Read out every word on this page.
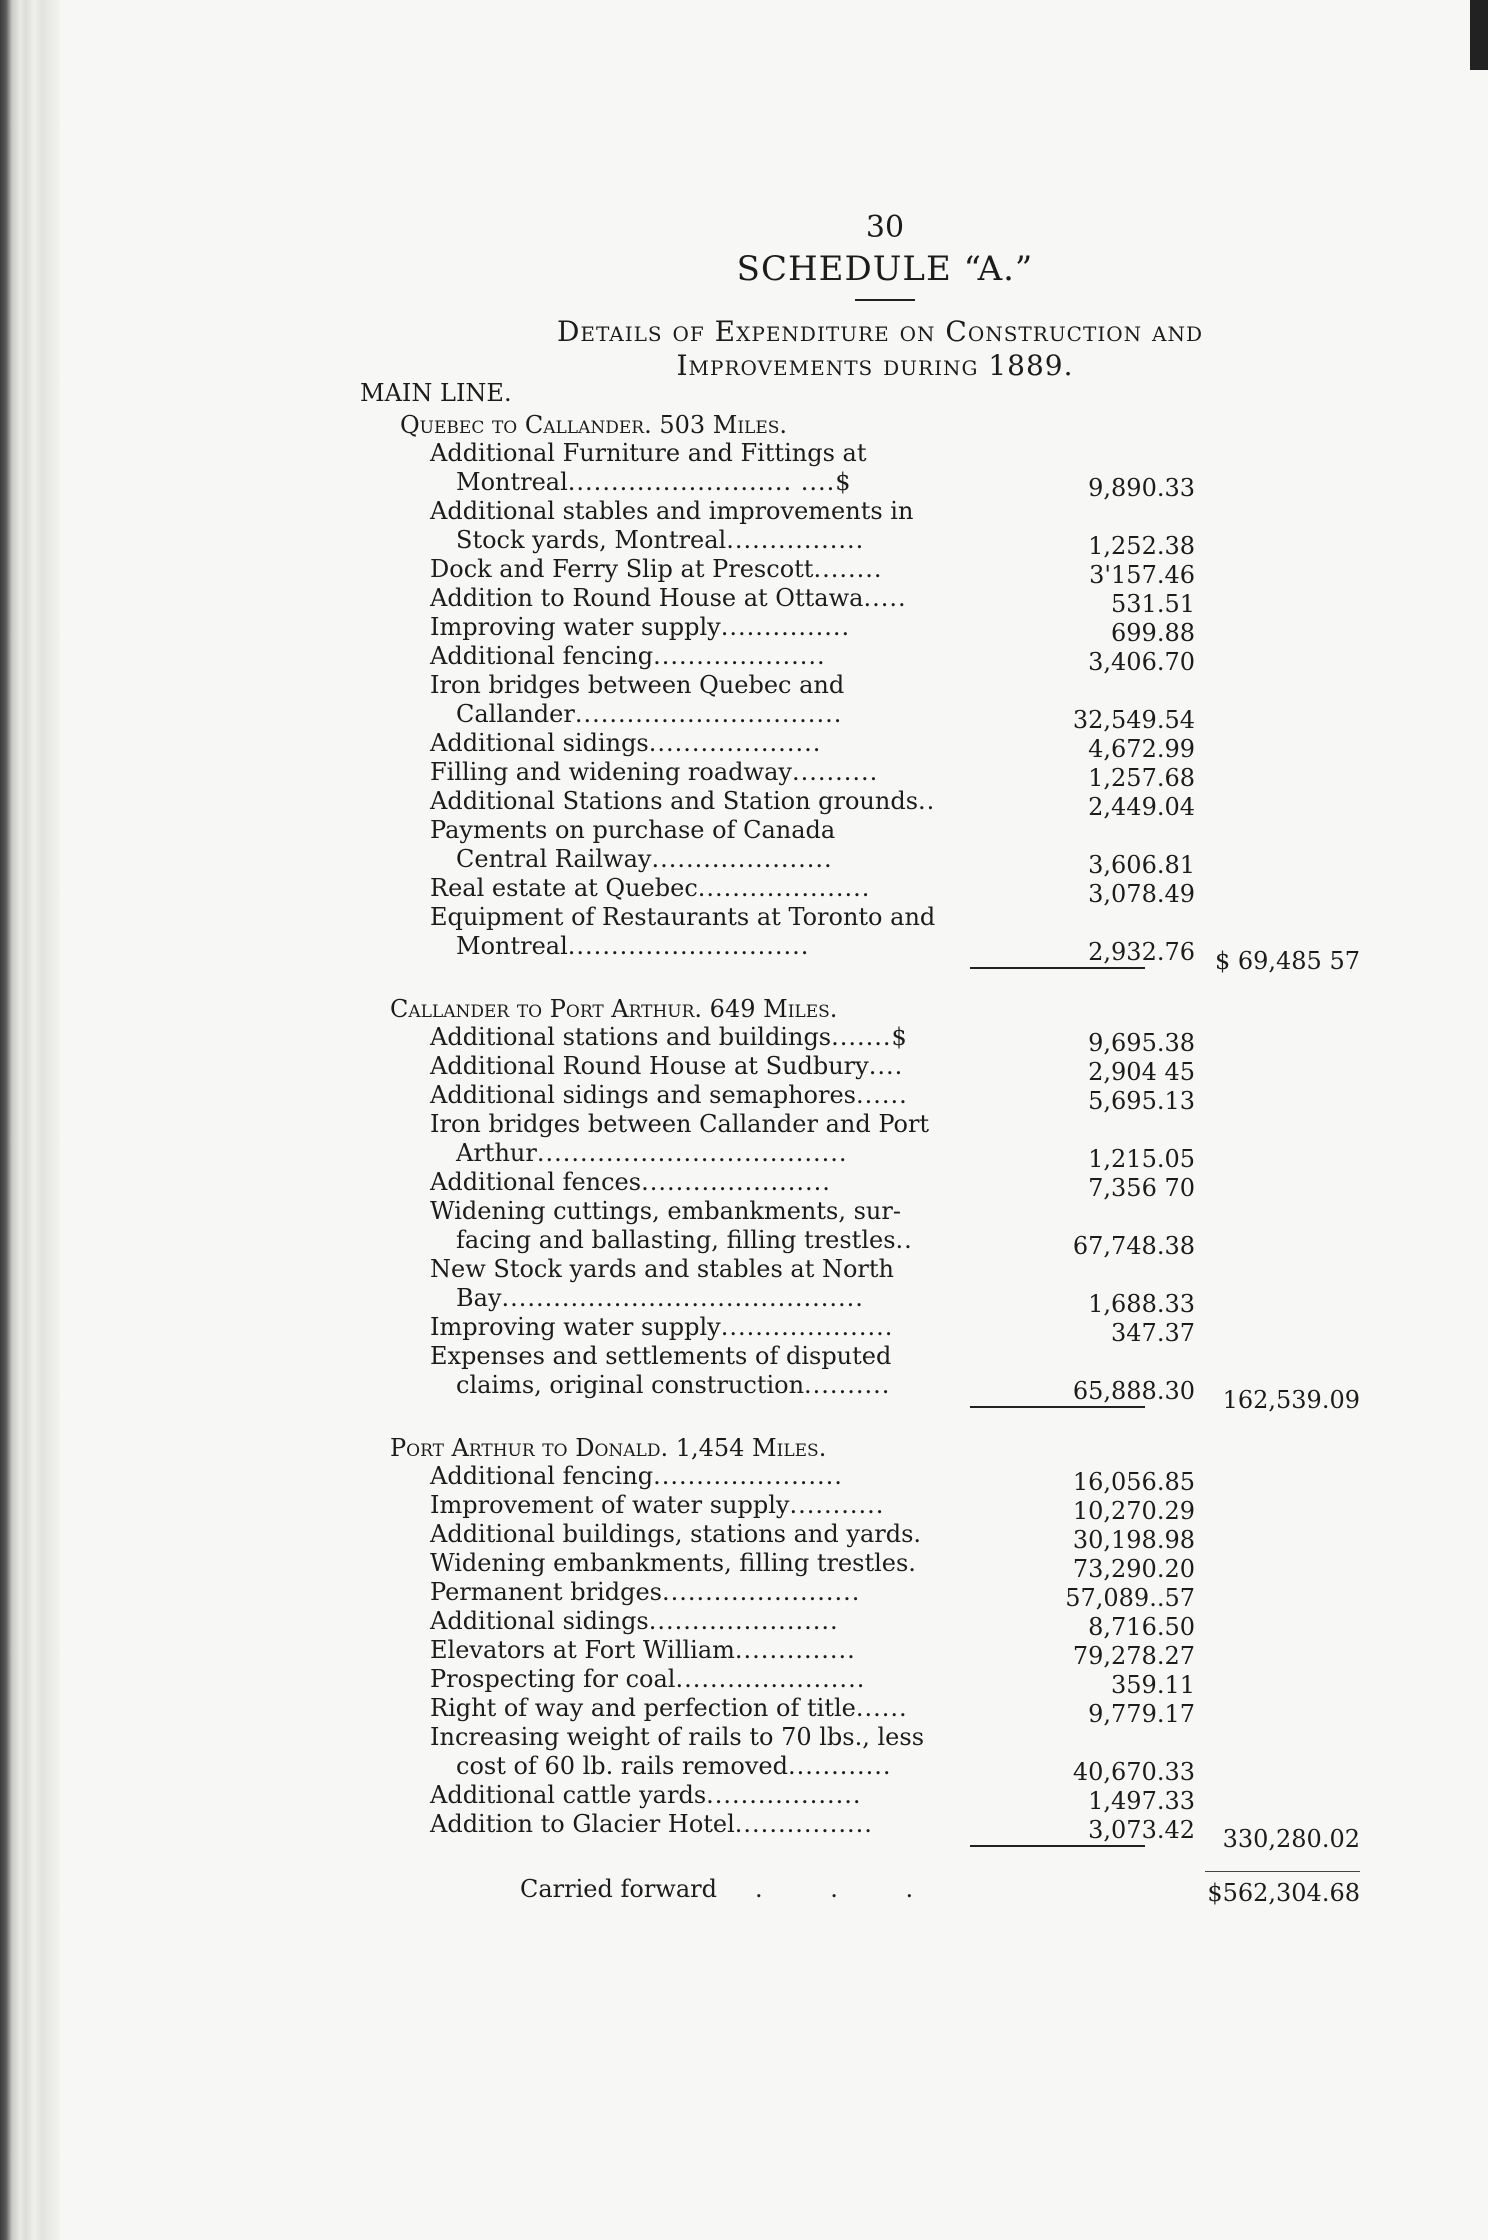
30
SCHEDULE “A.”
Details of Expenditure on Construction and
Improvements during 1889.
MAIN LINE.
Quebec to Callander. 503 Miles.
Additional Furniture and Fittings at
Montreal.......................... ....$	9,890.33
Additional stables and improvements in
Stock yards, Montreal................	1,252.38
Dock and Ferry Slip at Prescott........	3'157.46
Addition to Round House at Ottawa.....	531.51
Improving water supply...............	699.88
Additional fencing....................	3,406.70
Iron bridges between Quebec and
Callander...............................	32,549.54
Additional sidings....................	4,672.99
Filling and widening roadway..........	1,257.68
Additional Stations and Station grounds..	2,449.04
Payments on purchase of Canada
Central Railway.....................	3,606.81
Real estate at Quebec....................	3,078.49
Equipment of Restaurants at Toronto and
Montreal............................	2,932.76 $ 69,485 57
Callander to Port Arthur. 649 Miles.
Additional stations and buildings.......$	9,695.38
Additional Round House at Sudbury....	2,904 45
Additional sidings and semaphores......	5,695.13
Iron bridges between Callander and Port
Arthur....................................	1,215.05
Additional fences......................	7,356 70
Widening cuttings, embankments, sur-
facing and ballasting, filling trestles..	67,748.38
New Stock yards and stables at North
Bay..........................................	1,688.33
Improving water supply....................	347.37
Expenses and settlements of disputed
claims, original construction..........	65,888.30	162,539.09
Port Arthur to Donald. 1,454 Miles.
Additional fencing......................	16,056.85
Improvement of water supply...........	10,270.29
Additional buildings, stations and yards.	30,198.98
Widening embankments, filling trestles.	73,290.20
Permanent bridges.......................	57,089..57
Additional sidings......................	8,716.50
Elevators at Fort William..............	79,278.27
Prospecting for coal......................	359.11
Right of way and perfection of title......	9,779.17
Increasing weight of rails to 70 lbs., less
cost of 60 lb. rails removed............	40,670.33
Additional cattle yards..................	1,497.33
Addition to Glacier Hotel................	3,073.42	330,280.02
Carried forward . . .	$562,304.68
